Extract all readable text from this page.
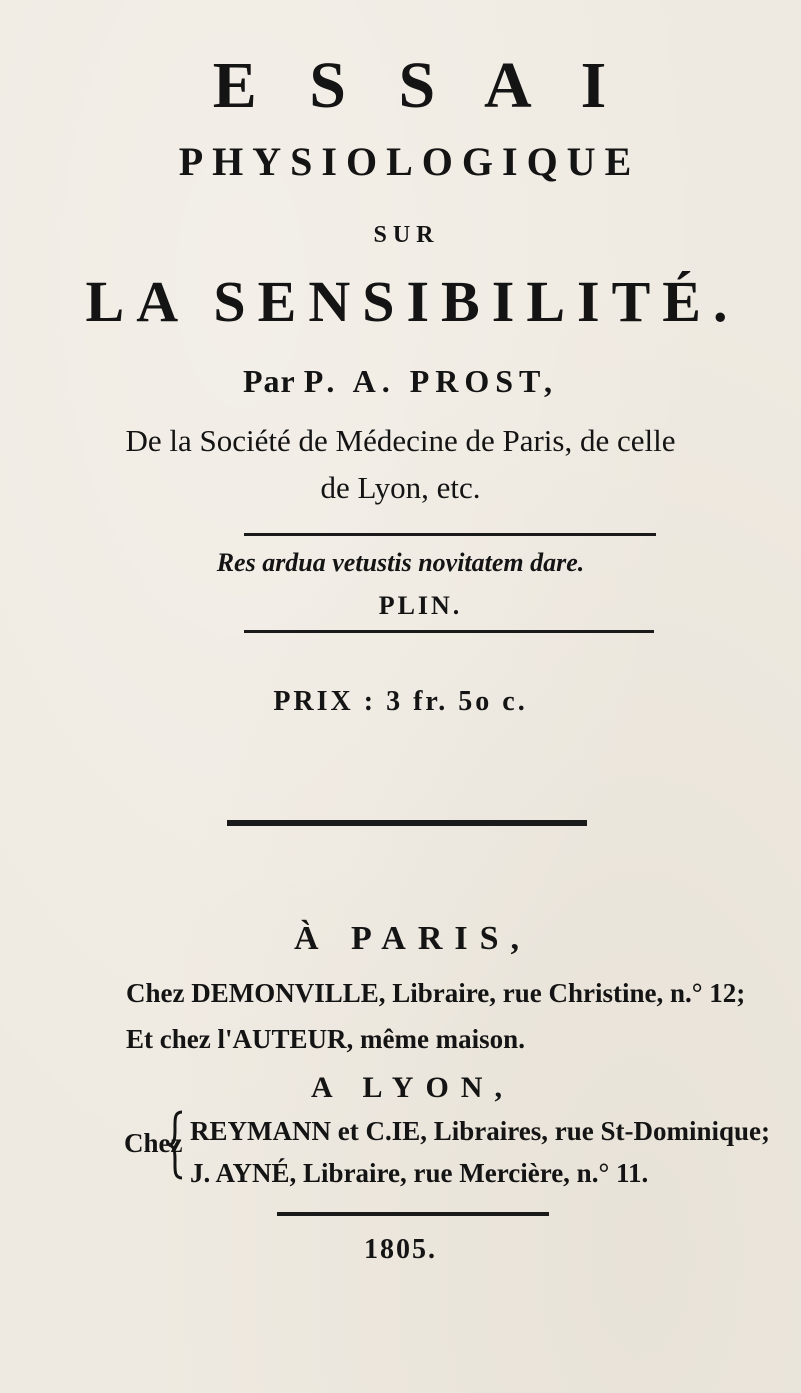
E S S A I
PHYSIOLOGIQUE
SUR
LA SENSIBILITÉ.
Par P. A. PROST,
De la Société de Médecine de Paris, de celle
de Lyon, etc.
Res ardua vetustis novitatem dare.
PLIN.
PRIX : 3 fr. 5o c.
À PARIS,
Chez DEMONVILLE, Libraire, rue Christine, n.° 12;
Et chez l'AUTEUR, même maison.
A LYON,
Chez REYMANN et C.IE, Libraires, rue St-Dominique;
J. AYNÉ, Libraire, rue Mercière, n.° 11.
1805.
